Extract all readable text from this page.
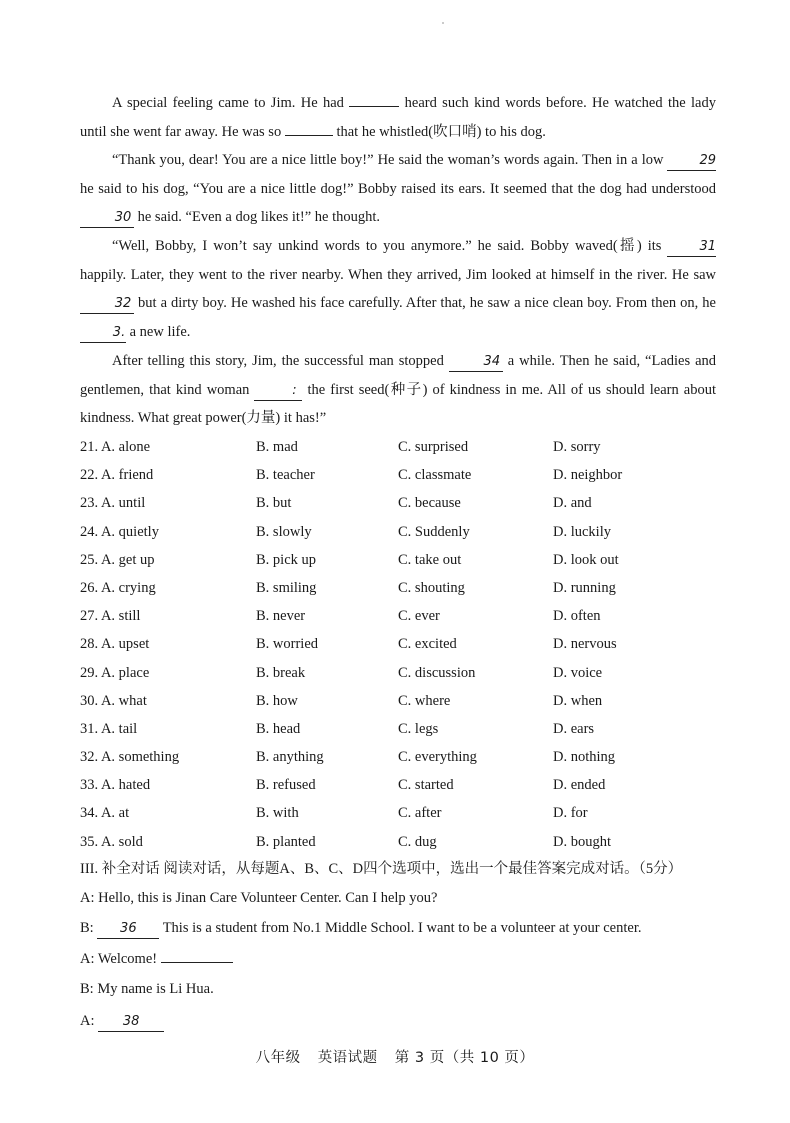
A special feeling came to Jim. He had	heard such kind words before. He watched the lady until she went far away. He was so	that he whistled(吹口哨) to his dog.

“Thank you, dear! You are a nice little boy!” He said the woman’s words again. Then in a low 29 he said to his dog, “You are a nice little dog!” Bobby raised its ears. It seemed that the dog had understood 30 he said. “Even a dog likes it!” he thought.

“Well, Bobby, I won’t say unkind words to you anymore.” he said. Bobby waved(摇) its 31 happily. Later, they went to the river nearby. When they arrived, Jim looked at himself in the river. He saw 32 but a dirty boy. He washed his face carefully. After that, he saw a nice clean boy. From then on, he 3. a new life.

After telling this story, Jim, the successful man stopped	34 a while. Then he said, “Ladies and gentlemen, that kind woman	: the first seed(种子) of kindness in me. All of us should learn about kindness. What great power(力量) it has!”

21. A. alone	B. mad	C. surprised	D. sorry
22. A. friend	B. teacher	C. classmate	D. neighbor
23. A. until	B. but	C. because	D. and
24. A. quietly	B. slowly	C. Suddenly	D. luckily
25. A. get up	B. pick up	C. take out	D. look out
26. A. crying	B. smiling	C. shouting	D. running
27. A. still	B. never	C. ever	D. often
28. A. upset	B. worried	C. excited	D. nervous
29. A. place	B. break	C. discussion	D. voice
30. A. what	B. how	C. where	D. when
31. A. tail	B. head	C. legs	D. ears
32. A. something	B. anything	C. everything	D. nothing
33. A. hated	B. refused	C. started	D. ended
34. A. at	B. with	C. after	D. for
35. A. sold	B. planted	C. dug	D. bought
III. 补全对话 阅读对话，从每题A、B、C、D四个选项中，选出一个最佳答案完成对话。（5分）
A: Hello, this is Jinan Care Volunteer Center. Can I help you?
B: 36 This is a student from No.1 Middle School. I want to be a volunteer at your center.
A: Welcome!
B: My name is Li Hua.
A: 38
八年级 英语试题 第 3 页（共 10 页）
